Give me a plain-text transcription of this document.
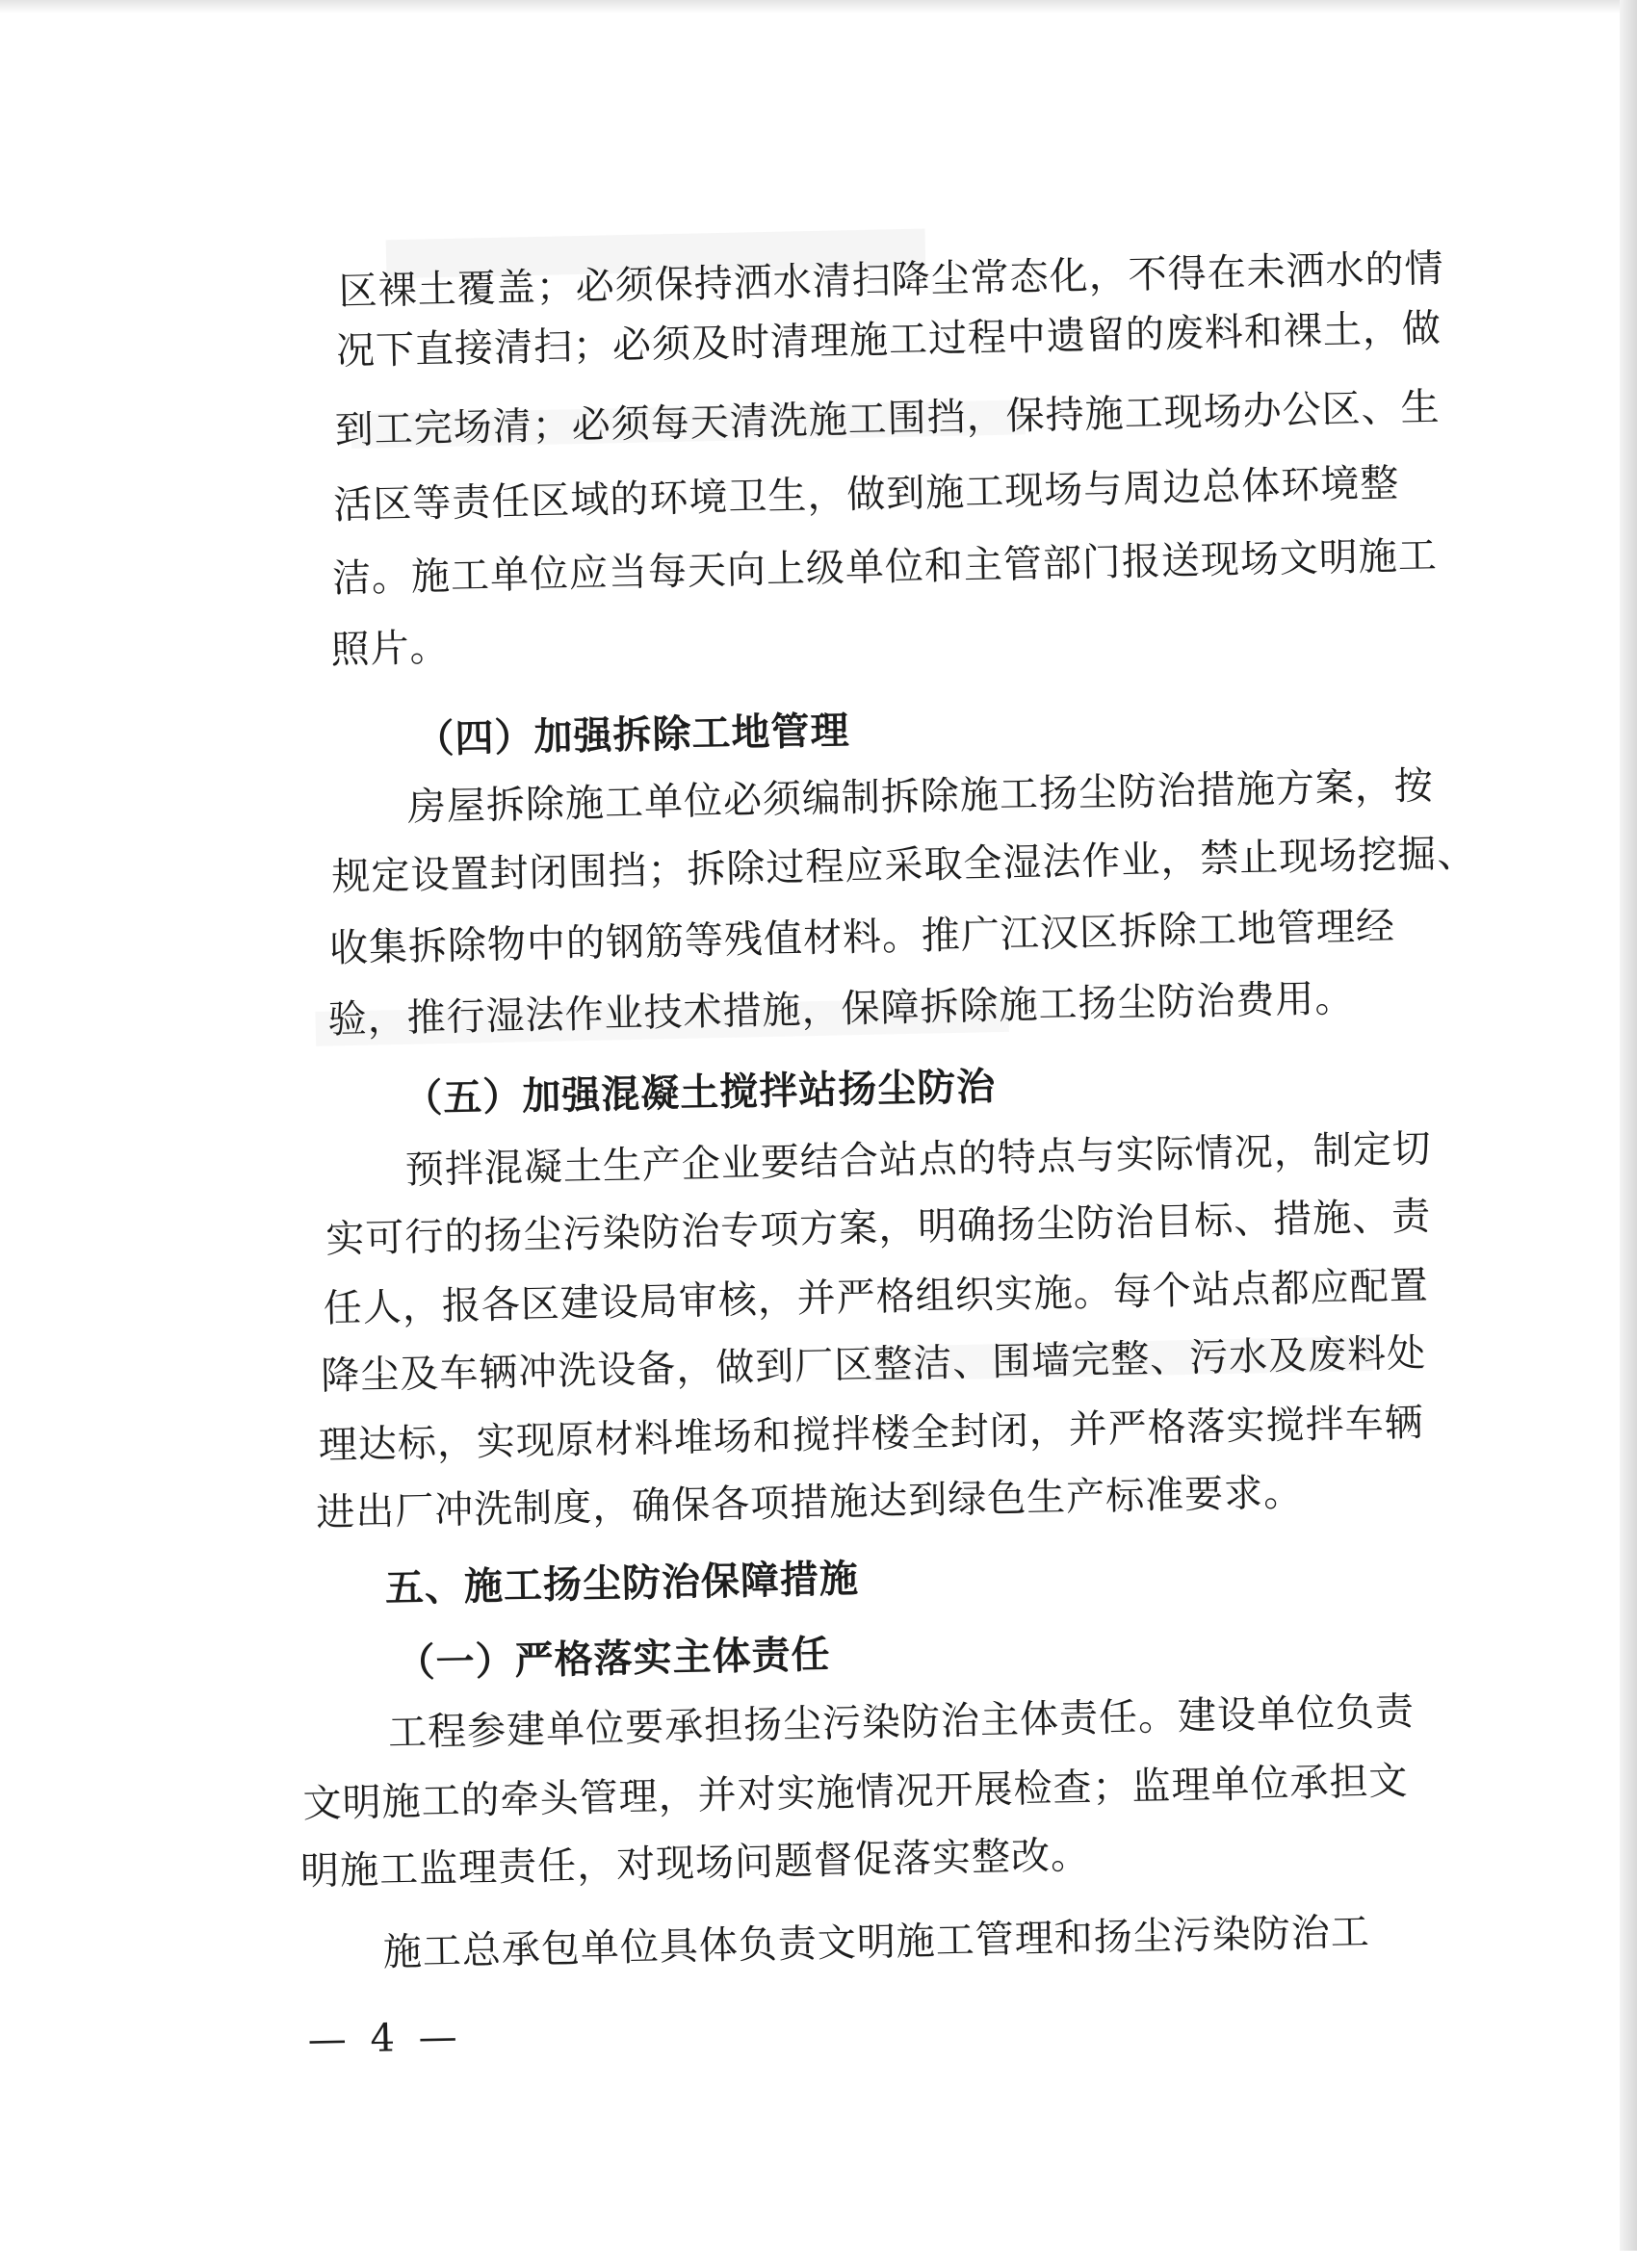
区裸土覆盖；必须保持洒水清扫降尘常态化，不得在未洒水的情
况下直接清扫；必须及时清理施工过程中遗留的废料和裸土，做
到工完场清；必须每天清洗施工围挡，保持施工现场办公区、生
活区等责任区域的环境卫生，做到施工现场与周边总体环境整
洁。施工单位应当每天向上级单位和主管部门报送现场文明施工
照片。
（四）加强拆除工地管理
房屋拆除施工单位必须编制拆除施工扬尘防治措施方案，按
规定设置封闭围挡；拆除过程应采取全湿法作业，禁止现场挖掘、
收集拆除物中的钢筋等残值材料。推广江汉区拆除工地管理经
验，推行湿法作业技术措施，保障拆除施工扬尘防治费用。
（五）加强混凝土搅拌站扬尘防治
预拌混凝土生产企业要结合站点的特点与实际情况，制定切
实可行的扬尘污染防治专项方案，明确扬尘防治目标、措施、责
任人，报各区建设局审核，并严格组织实施。每个站点都应配置
降尘及车辆冲洗设备，做到厂区整洁、围墙完整、污水及废料处
理达标，实现原材料堆场和搅拌楼全封闭，并严格落实搅拌车辆
进出厂冲洗制度，确保各项措施达到绿色生产标准要求。
五、施工扬尘防治保障措施
（一）严格落实主体责任
工程参建单位要承担扬尘污染防治主体责任。建设单位负责
文明施工的牵头管理，并对实施情况开展检查；监理单位承担文
明施工监理责任，对现场问题督促落实整改。
施工总承包单位具体负责文明施工管理和扬尘污染防治工
— 4 —
